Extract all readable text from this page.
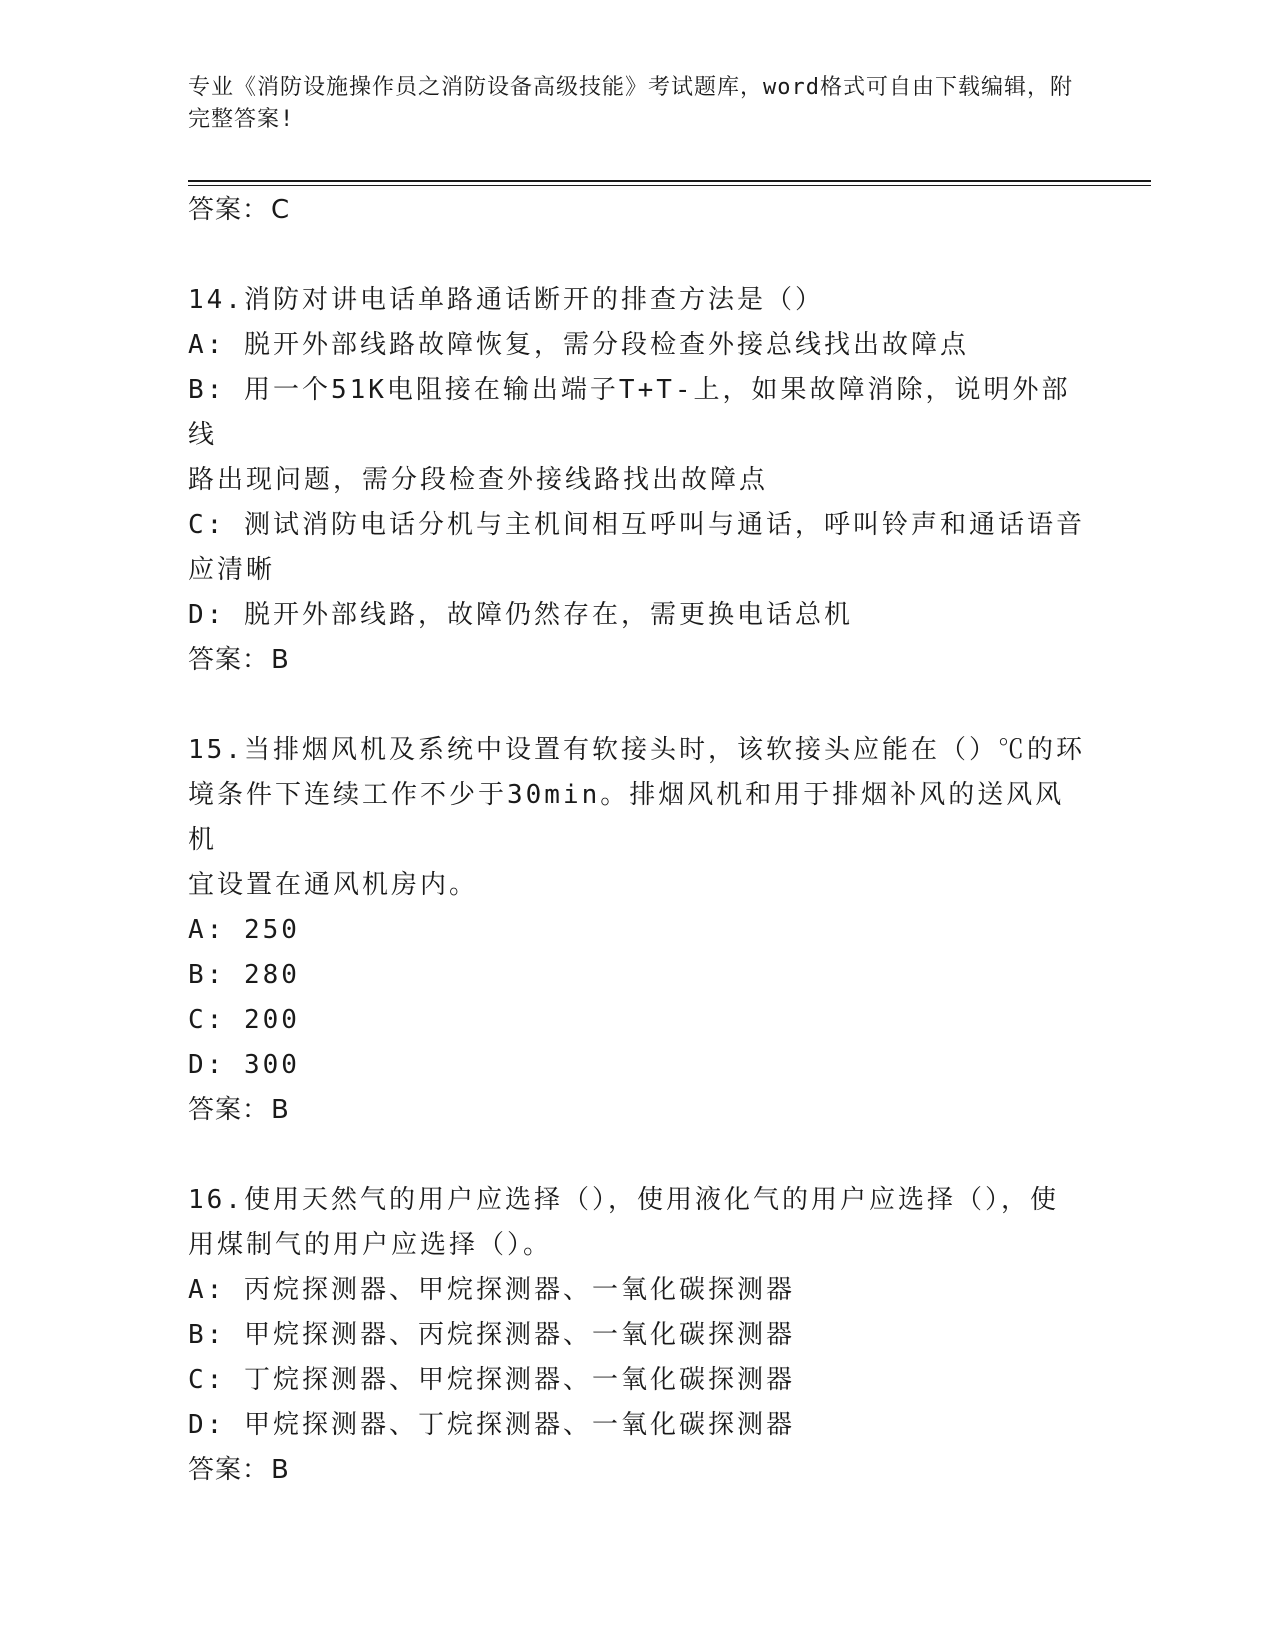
专业《消防设施操作员之消防设备高级技能》考试题库，word格式可自由下载编辑，附完整答案!
答案：C
14.消防对讲电话单路通话断开的排查方法是（）
A: 脱开外部线路故障恢复，需分段检查外接总线找出故障点
B: 用一个51K电阻接在输出端子T+T-上，如果故障消除，说明外部线
路出现问题，需分段检查外接线路找出故障点
C: 测试消防电话分机与主机间相互呼叫与通话，呼叫铃声和通话语音
应清晰
D: 脱开外部线路，故障仍然存在，需更换电话总机
答案：B
15.当排烟风机及系统中设置有软接头时，该软接头应能在（）℃的环
境条件下连续工作不少于30min。排烟风机和用于排烟补风的送风风机
宜设置在通风机房内。
A: 250
B: 280
C: 200
D: 300
答案：B
16.使用天然气的用户应选择（），使用液化气的用户应选择（），使
用煤制气的用户应选择（）。
A: 丙烷探测器、甲烷探测器、一氧化碳探测器
B: 甲烷探测器、丙烷探测器、一氧化碳探测器
C: 丁烷探测器、甲烷探测器、一氧化碳探测器
D: 甲烷探测器、丁烷探测器、一氧化碳探测器
答案：B
